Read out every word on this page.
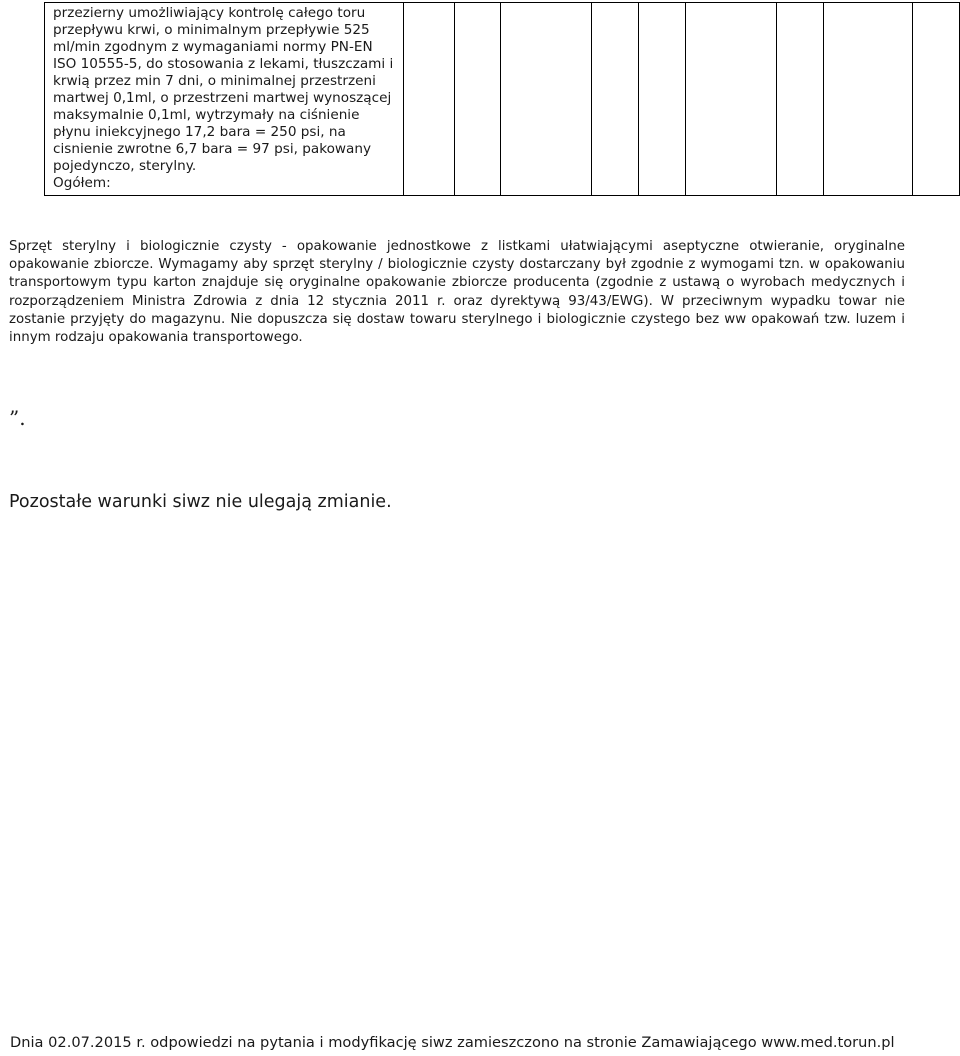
przezierny umożliwiający kontrolę całego toru przepływu krwi, o minimalnym przepływie 525 ml/min zgodnym z wymaganiami normy PN-EN ISO 10555-5, do stosowania z lekami, tłuszczami i krwią przez min 7 dni, o minimalnej przestrzeni martwej 0,1ml, o przestrzeni martwej wynoszącej maksymalnie 0,1ml, wytrzymały na ciśnienie płynu iniekcyjnego 17,2 bara = 250 psi, na cisnienie zwrotne 6,7 bara = 97 psi, pakowany pojedynczo, sterylny.
Ogółem:

Sprzęt sterylny i biologicznie czysty - opakowanie jednostkowe z listkami ułatwiającymi aseptyczne otwieranie, oryginalne opakowanie zbiorcze. Wymagamy aby sprzęt sterylny / biologicznie czysty dostarczany był zgodnie z wymogami tzn. w opakowaniu transportowym typu karton znajduje się oryginalne opakowanie zbiorcze producenta (zgodnie z ustawą o wyrobach medycznych i rozporządzeniem Ministra Zdrowia z dnia 12 stycznia 2011 r. oraz dyrektywą 93/43/EWG). W przeciwnym wypadku towar nie zostanie przyjęty do magazynu. Nie dopuszcza się dostaw towaru sterylnego i biologicznie czystego bez ww opakowań tzw. luzem i innym rodzaju opakowania transportowego.

”.
Pozostałe warunki siwz nie ulegają zmianie.
Dnia 02.07.2015 r. odpowiedzi na pytania i modyfikację siwz zamieszczono na stronie Zamawiającego www.med.torun.pl
